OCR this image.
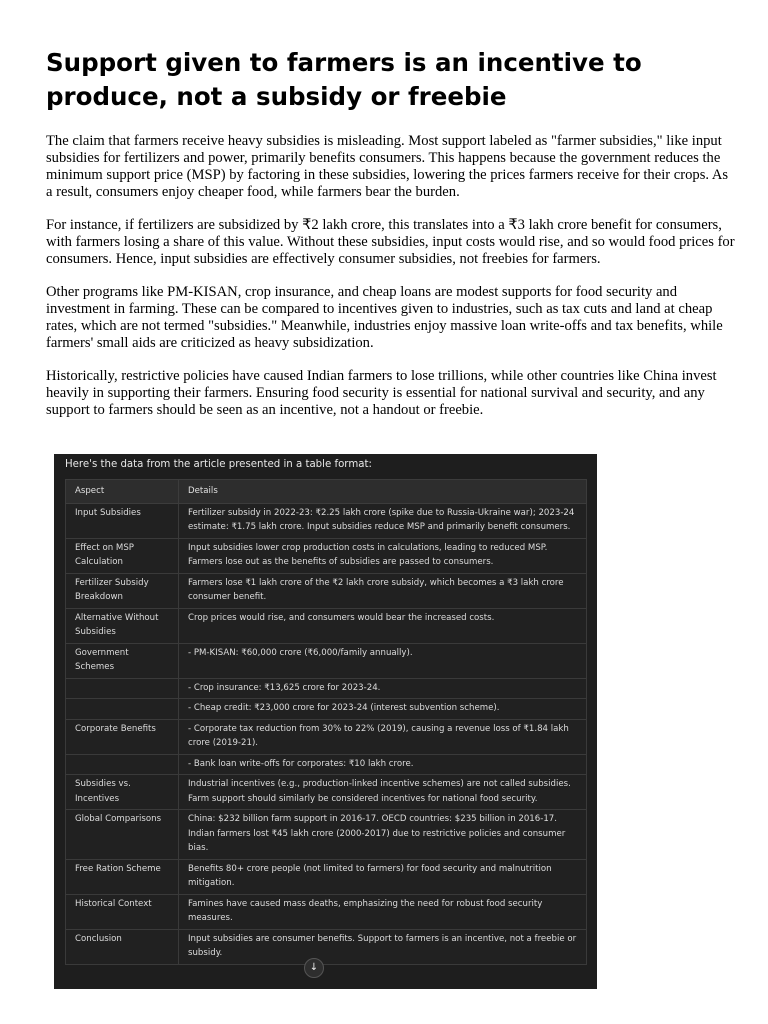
Support given to farmers is an incentive to produce, not a subsidy or freebie

The claim that farmers receive heavy subsidies is misleading. Most support labeled as "farmer subsidies," like input subsidies for fertilizers and power, primarily benefits consumers. This happens because the government reduces the minimum support price (MSP) by factoring in these subsidies, lowering the prices farmers receive for their crops. As a result, consumers enjoy cheaper food, while farmers bear the burden.

For instance, if fertilizers are subsidized by ₹2 lakh crore, this translates into a ₹3 lakh crore benefit for consumers, with farmers losing a share of this value. Without these subsidies, input costs would rise, and so would food prices for consumers. Hence, input subsidies are effectively consumer subsidies, not freebies for farmers.

Other programs like PM-KISAN, crop insurance, and cheap loans are modest supports for food security and investment in farming. These can be compared to incentives given to industries, such as tax cuts and land at cheap rates, which are not termed "subsidies." Meanwhile, industries enjoy massive loan write-offs and tax benefits, while farmers' small aids are criticized as heavy subsidization.

Historically, restrictive policies have caused Indian farmers to lose trillions, while other countries like China invest heavily in supporting their farmers. Ensuring food security is essential for national survival and security, and any support to farmers should be seen as an incentive, not a handout or freebie.

Here's the data from the article presented in a table format:
Aspect	Details
Input Subsidies	Fertilizer subsidy in 2022-23: ₹2.25 lakh crore (spike due to Russia-Ukraine war); 2023-24 estimate: ₹1.75 lakh crore. Input subsidies reduce MSP and primarily benefit consumers.
Effect on MSP Calculation	Input subsidies lower crop production costs in calculations, leading to reduced MSP. Farmers lose out as the benefits of subsidies are passed to consumers.
Fertilizer Subsidy Breakdown	Farmers lose ₹1 lakh crore of the ₹2 lakh crore subsidy, which becomes a ₹3 lakh crore consumer benefit.
Alternative Without Subsidies	Crop prices would rise, and consumers would bear the increased costs.
Government Schemes	- PM-KISAN: ₹60,000 crore (₹6,000/family annually).
	- Crop insurance: ₹13,625 crore for 2023-24.
	- Cheap credit: ₹23,000 crore for 2023-24 (interest subvention scheme).
Corporate Benefits	- Corporate tax reduction from 30% to 22% (2019), causing a revenue loss of ₹1.84 lakh crore (2019-21).
	- Bank loan write-offs for corporates: ₹10 lakh crore.
Subsidies vs. Incentives	Industrial incentives (e.g., production-linked incentive schemes) are not called subsidies. Farm support should similarly be considered incentives for national food security.
Global Comparisons	China: $232 billion farm support in 2016-17. OECD countries: $235 billion in 2016-17. Indian farmers lost ₹45 lakh crore (2000-2017) due to restrictive policies and consumer bias.
Free Ration Scheme	Benefits 80+ crore people (not limited to farmers) for food security and malnutrition mitigation.
Historical Context	Famines have caused mass deaths, emphasizing the need for robust food security measures.
Conclusion	Input subsidies are consumer benefits. Support to farmers is an incentive, not a freebie or subsidy.
↓
